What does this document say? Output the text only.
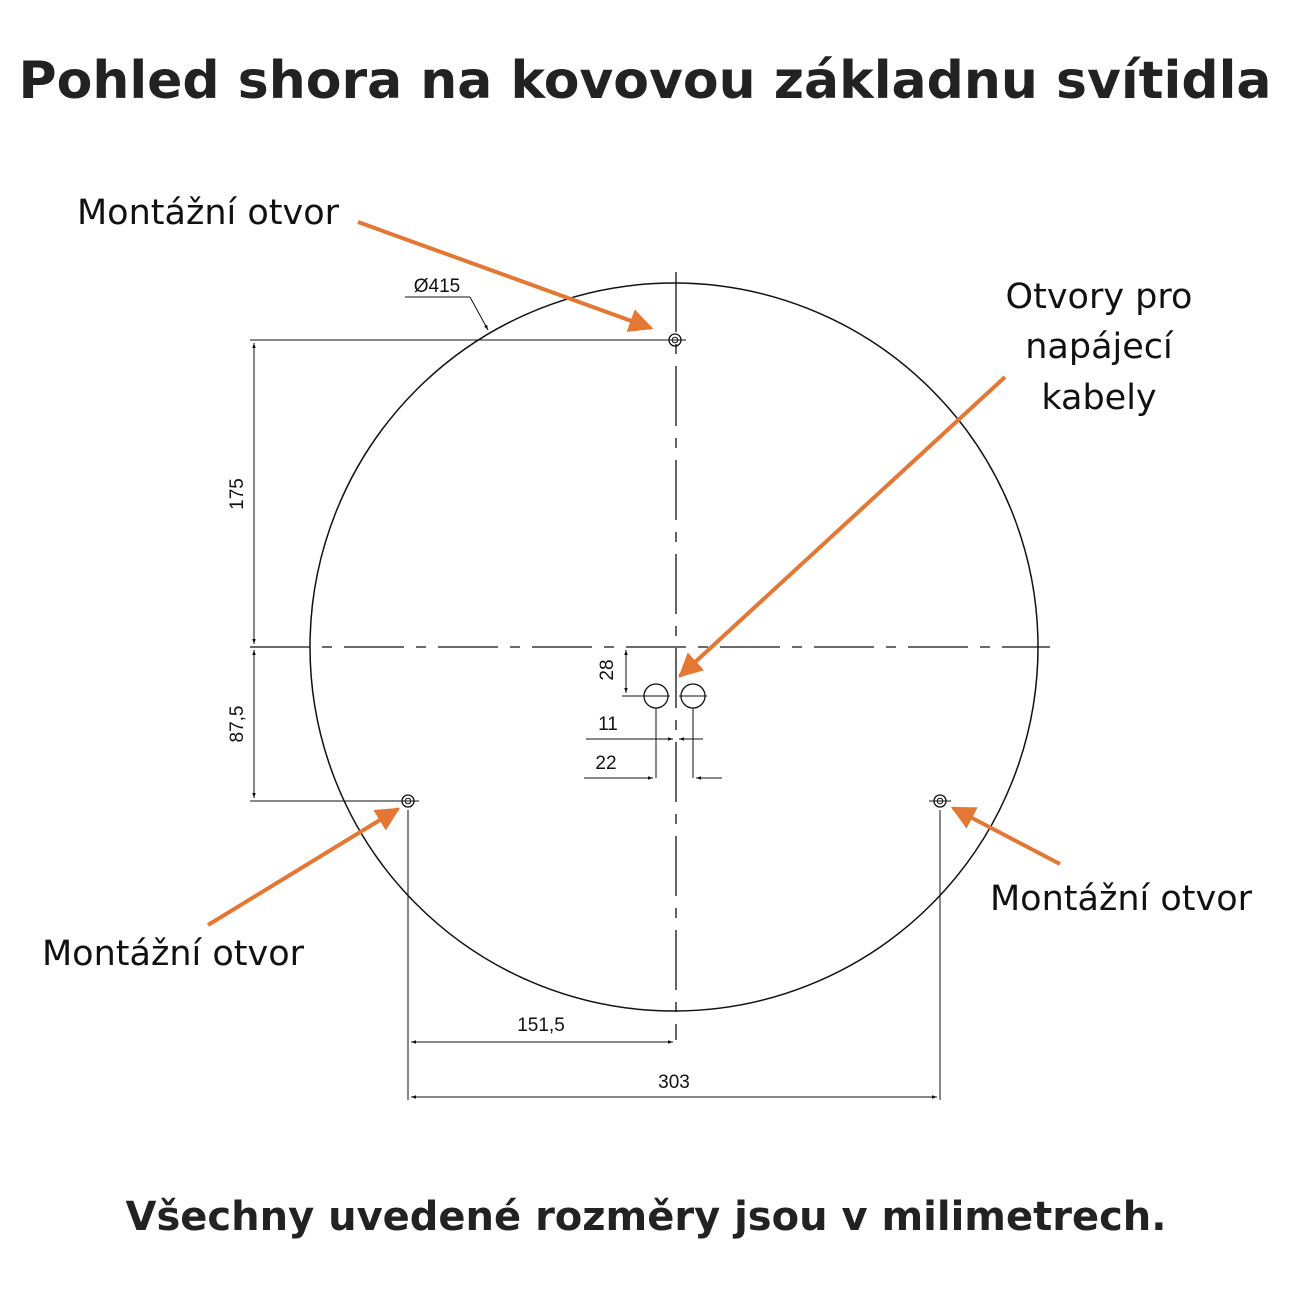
Pohled shora na kovovou základnu svítidla
Ø415
175
87,5
28
11
22
151,5
303
Montážní otvor
Otvory pro
napájecí
kabely
Montážní otvor
Montážní otvor
Všechny uvedené rozměry jsou v milimetrech.
